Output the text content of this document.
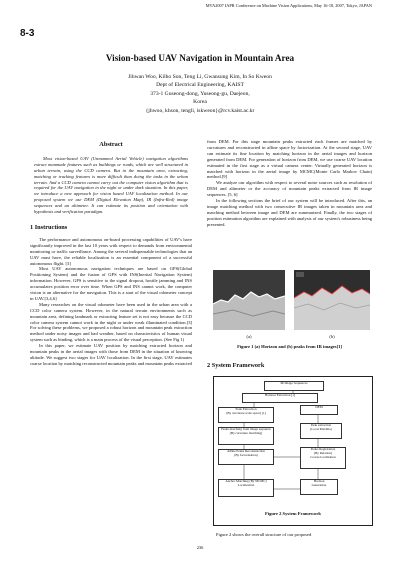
MVA2007 IAPR Conference on Machine Vision Applications, May 16-18, 2007, Tokyo, JAPAN
8-3
Vision-based UAV Navigation in Mountain Area
Jihwan Woo, Kilho Son, Teng Li, Gwansung Kim, In So Kweon
Dept of Electrical Engineering, KAIST
373-1 Guseong-dong, Yuseong-gu, Daejeon,
Korea
{jhwoo, khson, tengli, iskweon}@rcv.kaist.ac.kr
Abstract

Most vision-based UAV (Unmanned Aerial Vehicle) navigation algorithms extract manmade features such as buildings or roads, which are well structured in urban terrain, using the CCD camera. But in the mountain area, extracting, matching or tracking features is more difficult than doing the tasks in the urban terrain. And a CCD camera cannot carry out the computer vision algorithm that is required for the UAV navigation in the night or under dark situation. In this paper, we introduce a new approach for vision based UAV localization method. In our proposed system we use DEM (Digital Elevation Map), IR (Infra-Red) image sequences and an altimeter. It can estimate its position and orientation with hypothesis and verification paradigm.

1 Instructions

The performance and autonomous on-board processing capabilities of UAV's have significantly improved in the last 10 years with respect to demands from environmental monitoring or traffic surveillance. Among the several indispensable technologies that an UAV must have, the reliable localization is an essential component of a successful autonomous flight. [3]

Most UAV autonomous navigation techniques are based on GPS(Global Positioning System) and the fusion of GPS with INS(Inertial Navigation System) information. However, GPS is sensitive to the signal dropout, hostile jamming and INS accumulates position error over time. When GPS and INS cannot work, the computer vision is an alternative for the navigation. This is a start of the visual odometer concept in UAV.[3,4,6]

Many researches on the visual odometer have been used in the urban area with a CCD color camera system. However, in the natural terrain environments such as mountain area, defining landmark or extracting feature set is not easy because the CCD color camera system cannot work in the night or under weak illuminated condition.[3] For solving these problems, we proposed a robust horizon and mountain peak extraction method under noisy images and bad weather, based on characteristics of human visual system such as binding, which is a main process of the visual perception. (See Fig 1)

In this paper, we estimate UAV position by matching extracted horizon and mountain peaks in the aerial images with those from DEM in the situation of knowing altitude. We suggest two stages for UAV localization. In the first stage, UAV estimates coarse location by matching reconstructed mountain peaks and mountain peaks extracted

from DEM. For this stage mountain peaks extracted each frames are matched by curvatures and reconstructed in affine space by factorization. At the second stage, UAV can estimate its fine location by matching horizon in the aerial images and horizon generated from DEM. For generation of horizon from DEM, we use coarse UAV location estimated in the first stage as a virtual camera center. Virtually generated horizon is matched with horizon in the aerial image by MCMC(Monte Carlo Markov Chain) method.[9]

We analyze our algorithm with respect to several noise sources such as resolution of DEM and altimeter or the accuracy of mountain peaks extracted from IR image sequences. [5, 6]

In the following sections the brief of our system will be introduced. After this, an image matching method with two consecutive IR images taken in mountain area and matching method between image and DEM are summarized. Finally, the two stages of position estimation algorithm are explained with analysis of our system's robustness being presented.

(a)	(b)
Figure 1 (a) Horizon and (b) peaks from IR images[1]
2 System Framework
IR Image Sequences
Horizon Extraction [1]
Peak Extraction
(By curvature scale space) [1]
Peaks matching from image sequence (By curvature matching)
Affine Peaks Reconstruction
(By factorization)
Anchor Matching (By MCMC)
Localization
DEM
Peak extraction
(Local Maxima)
Peaks Registration
(By Relation)
Coarse localization
Horizon
Generation
Figure 2 System Framework
Figure 2 shows the overall structure of our proposed
236
